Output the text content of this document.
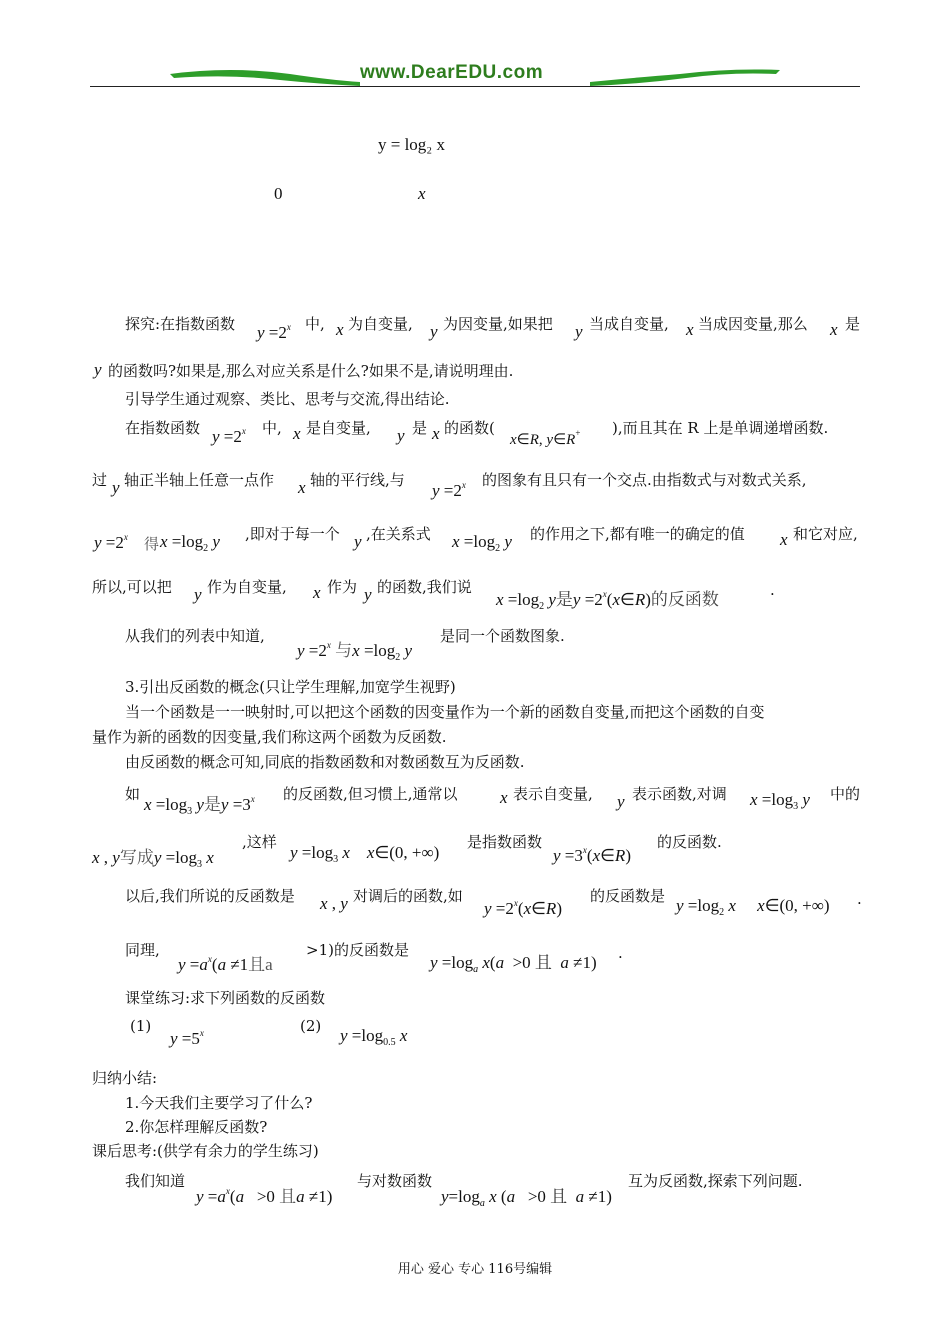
www.DearEDU.com
y = log₂ x
0	x
探究:在指数函数 $y =2^x$ 中, x 为自变量, y 为因变量,如果把 y 当成自变量, x 当成因变量,那么 x 是
y 的函数吗?如果是,那么对应关系是什么?如果不是,请说明理由.
引导学生通过观察、类比、思考与交流,得出结论.
在指数函数 $y =2^x$ 中, x 是自变量, y 是 x 的函数(
x∈R, y∈R+ ),而且其在 R 上是单调递增函数.
过 y 轴正半轴上任意一点作 x 轴的平行线,与
$y =2^x$ 的图象有且只有一个交点.由指数式与对数式关系,
$y =2^x$ 得 $x =\log_2$ y ,即对于每一个 y ,在关系式 $x =\log_2$ y 的作用之下,都有唯一的确定的值 x 和它对应,
所以,可以把 y 作为自变量, x 作为 y 的函数,我们说
$x =\log_2$ y是$y =2^x(x\in R)$的反函数	.
从我们的列表中知道,
$y =2^x$ 与$x =\log_2$ y
是同一个函数图象.
3.引出反函数的概念(只让学生理解,加宽学生视野)
当一个函数是一一映射时,可以把这个函数的因变量作为一个新的函数自变量,而把这个函数的自变
量作为新的函数的因变量,我们称这两个函数为反函数.
由反函数的概念可知,同底的指数函数和对数函数互为反函数.
如
$x =\log_3$ y是$y =3^x$ 的反函数,但习惯上,通常以 x 表示自变量, y 表示函数,对调 $x =\log_3$ y 中的
x , y写成$y =\log_3$ x
,这样
$y =\log_3$ x x∈(0, +∞)
是指数函数
$y =3^x(x\in R)$
的反函数.
以后,我们所说的反函数是 x , y 对调后的函数,如
$y =2^x(x\in R)$
的反函数是 $y =\log_2$ x x∈(0, +∞) .
同理,
$y =a^x(a \ne 1$且a
>1)的反函数是
$y =\log_a$ x(a  >0 且 a ≠1) .
课堂练习:求下列函数的反函数
(1)
$y =5^x$	(2) $y =\log_{0.5}$ x
归纳小结:
1.今天我们主要学习了什么?
2.你怎样理解反函数?
课后思考:(供学有余力的学生练习)
我们知道
$y =a^x(a >0$ 且a ≠1)
与对数函数
$y=\log_a$ x (a   >0 且 a ≠1)
互为反函数,探索下列问题.
用心 爱心 专心 116号编辑
